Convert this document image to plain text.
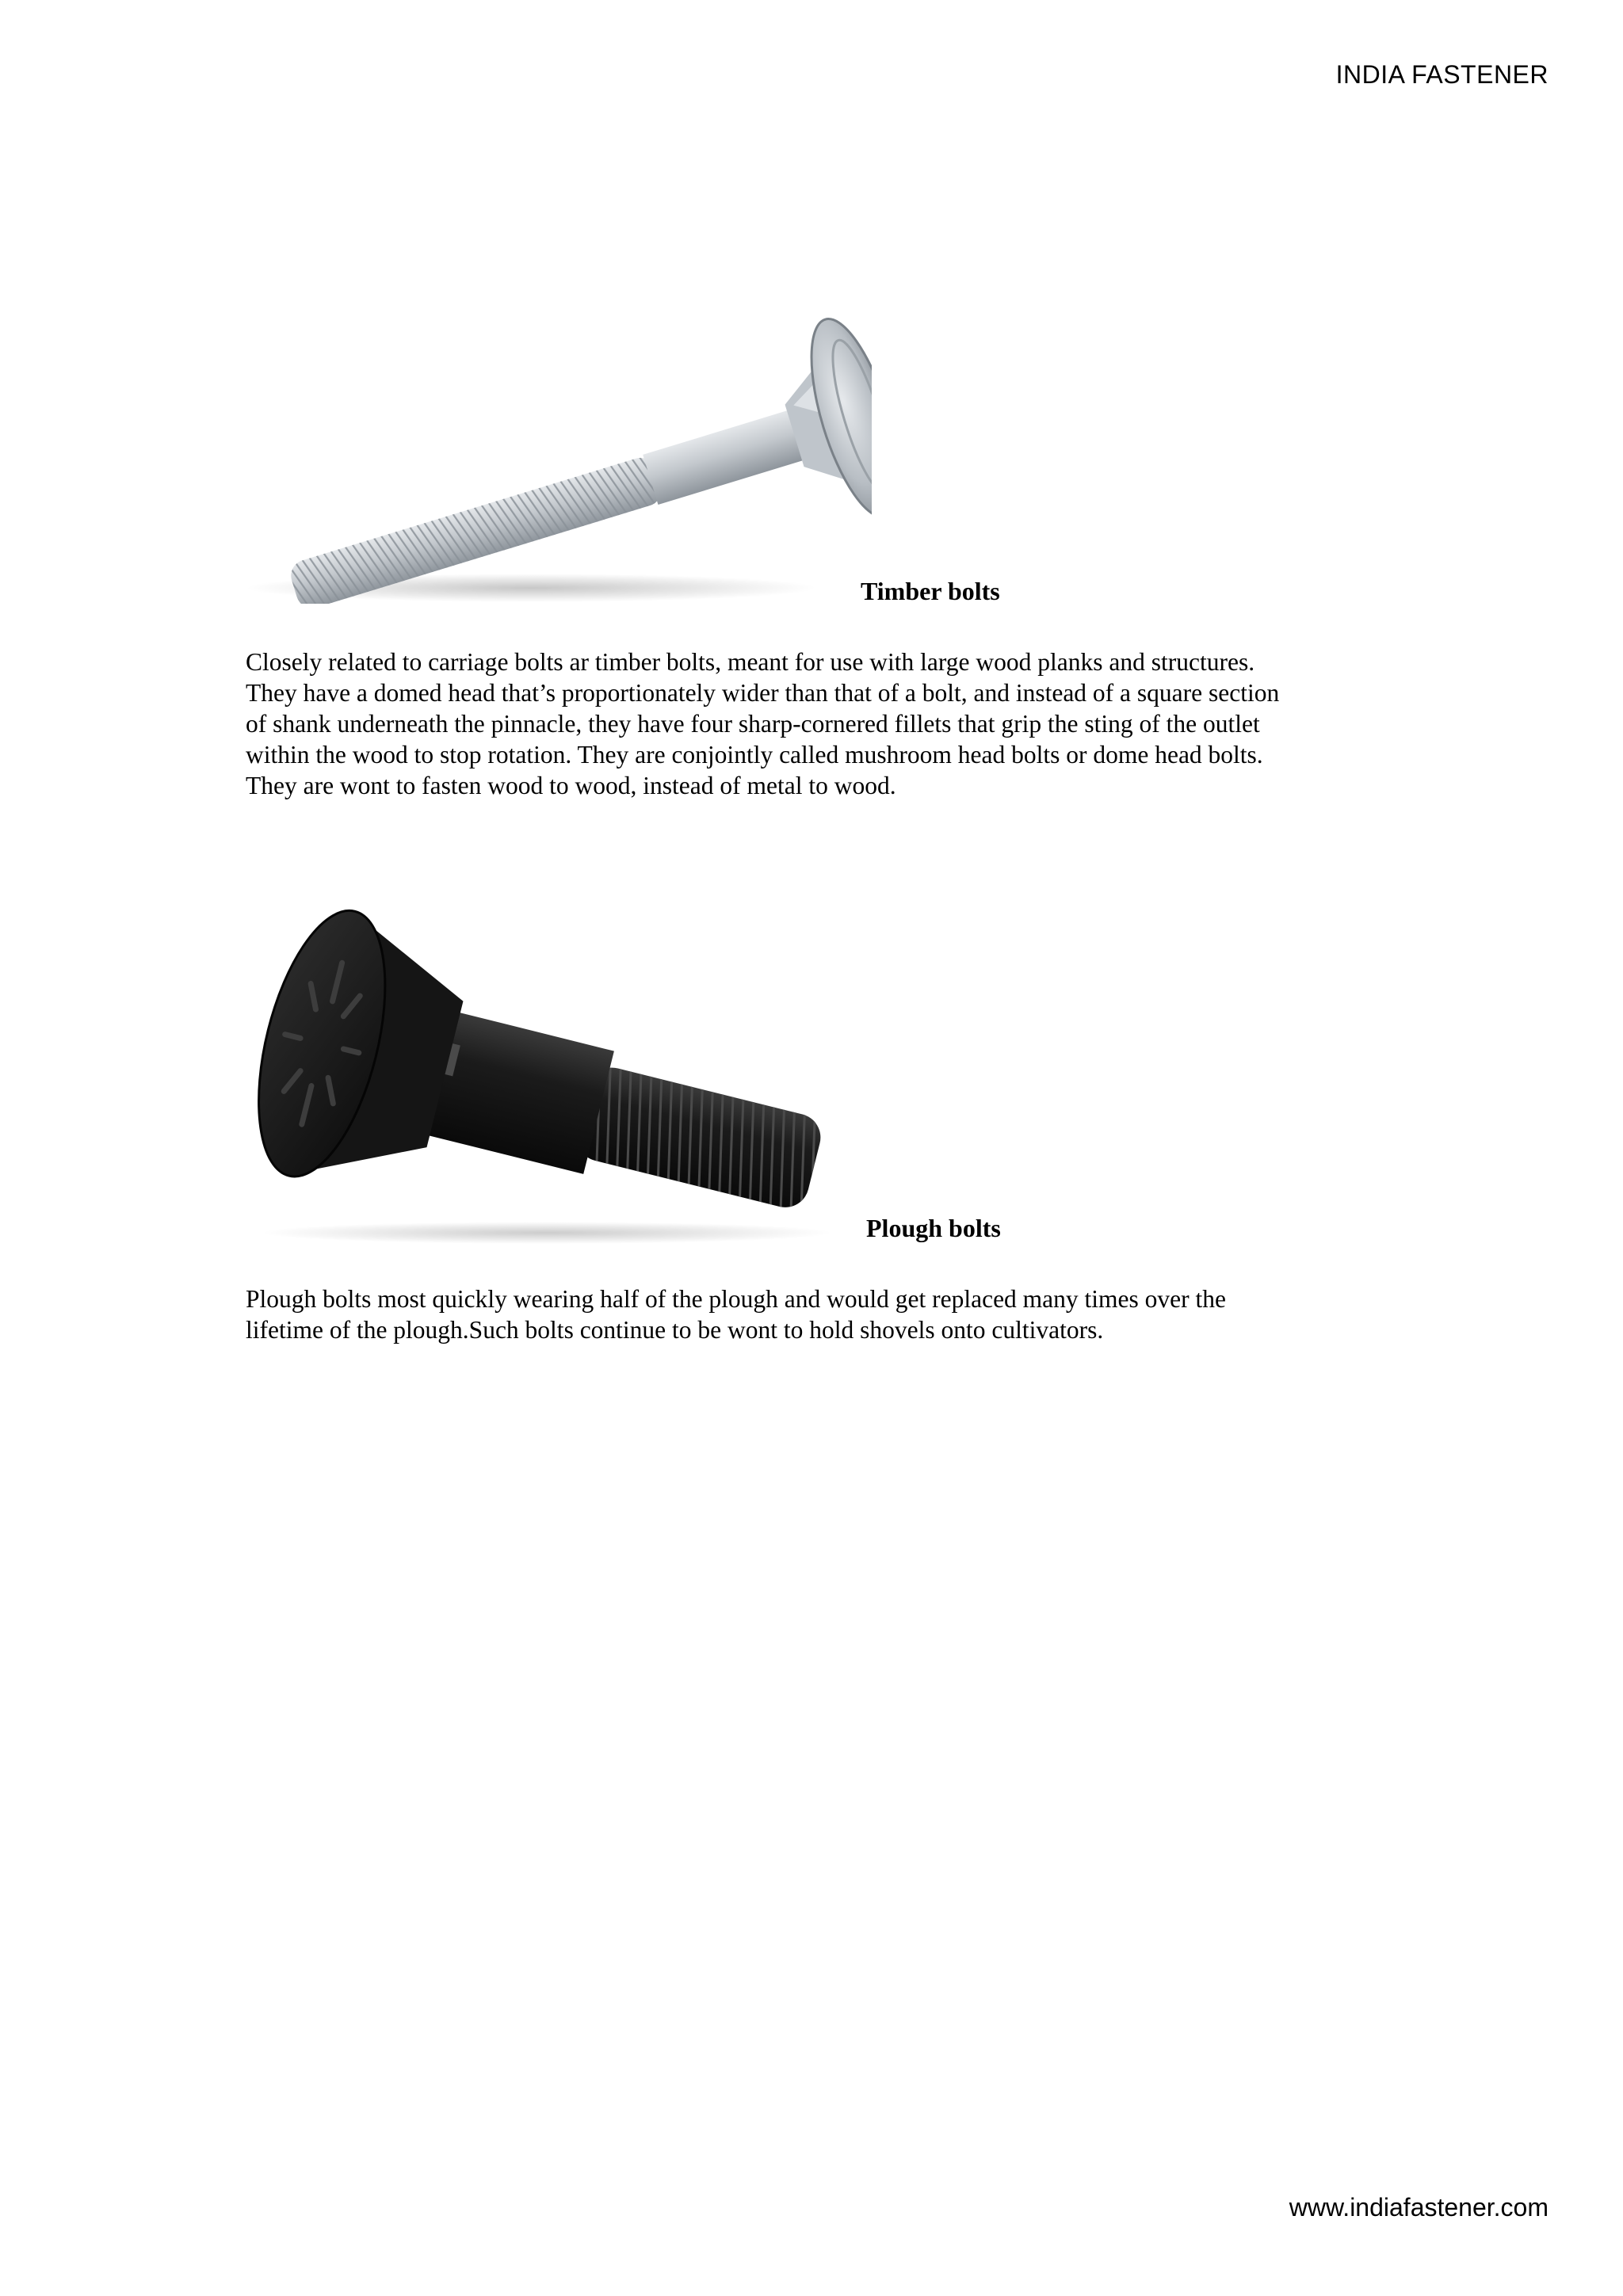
INDIA FASTENER
Timber bolts
Closely related to carriage bolts ar timber bolts, meant for use with large wood planks and structures.
They have a domed head that’s proportionately wider than that of a bolt, and instead of a square section
of shank underneath the pinnacle, they have four sharp-cornered fillets that grip the sting of the outlet
within the wood to stop rotation. They are conjointly called mushroom head bolts or dome head bolts.
They are wont to fasten wood to wood, instead of metal to wood.
Plough bolts
Plough bolts most quickly wearing half of the plough and would get replaced many times over the
lifetime of the plough.Such bolts continue to be wont to hold shovels onto cultivators.
www.indiafastener.com
